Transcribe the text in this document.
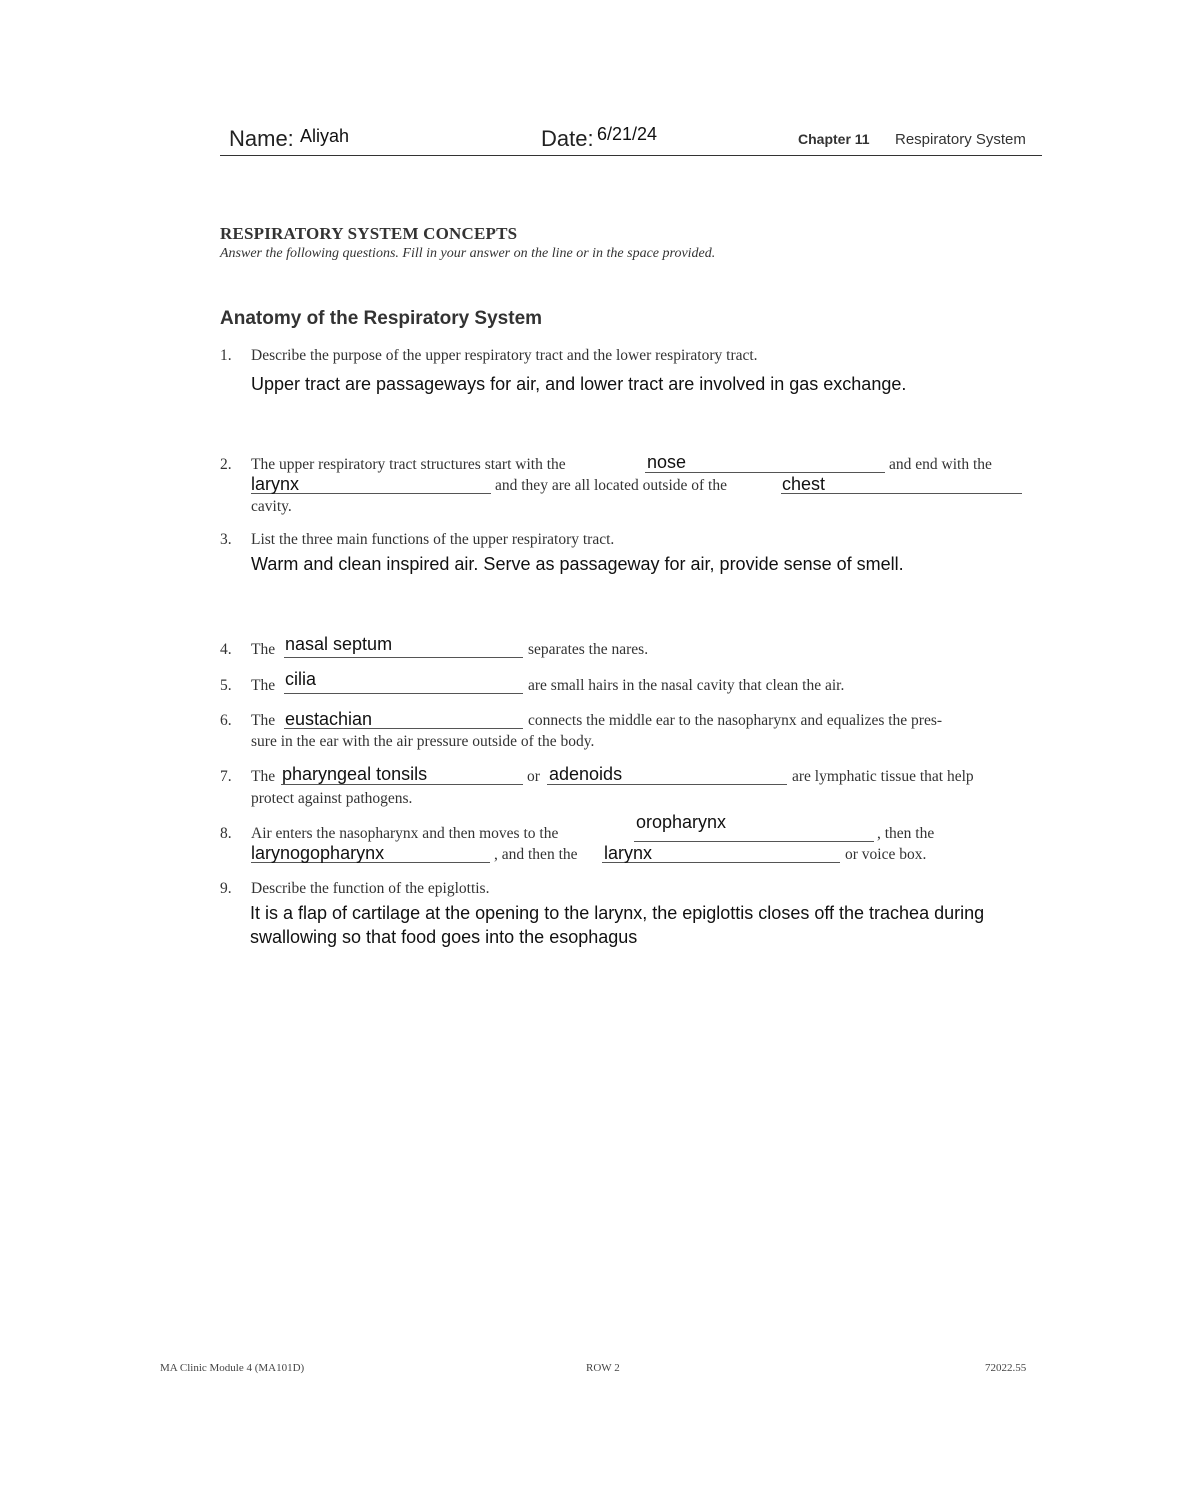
Name: Aliyah	Date: 6/21/24	Chapter 11 Respiratory System
RESPIRATORY SYSTEM CONCEPTS
Answer the following questions. Fill in your answer on the line or in the space provided.
Anatomy of the Respiratory System
1. Describe the purpose of the upper respiratory tract and the lower respiratory tract.
Upper tract are passageways for air, and lower tract are involved in gas exchange.
2. The upper respiratory tract structures start with the	nose	and end with the
larynx	and they are all located outside of the	chest
cavity.
3. List the three main functions of the upper respiratory tract.
Warm and clean inspired air. Serve as passageway for air, provide sense of smell.
4. The nasal septum	separates the nares.
5. The cilia	are small hairs in the nasal cavity that clean the air.
6. The eustachian	connects the middle ear to the nasopharynx and equalizes the pres-
sure in the ear with the air pressure outside of the body.
7. The pharyngeal tonsils	or adenoids	are lymphatic tissue that help
protect against pathogens.
8. Air enters the nasopharynx and then moves to the
oropharynx
, then the
larynogopharynx	, and then the larynx	or voice box.
9. Describe the function of the epiglottis.
It is a flap of cartilage at the opening to the larynx, the epiglottis closes off the trachea during
swallowing so that food goes into the esophagus
MA Clinic Module 4 (MA101D)	ROW 2	72022.55
